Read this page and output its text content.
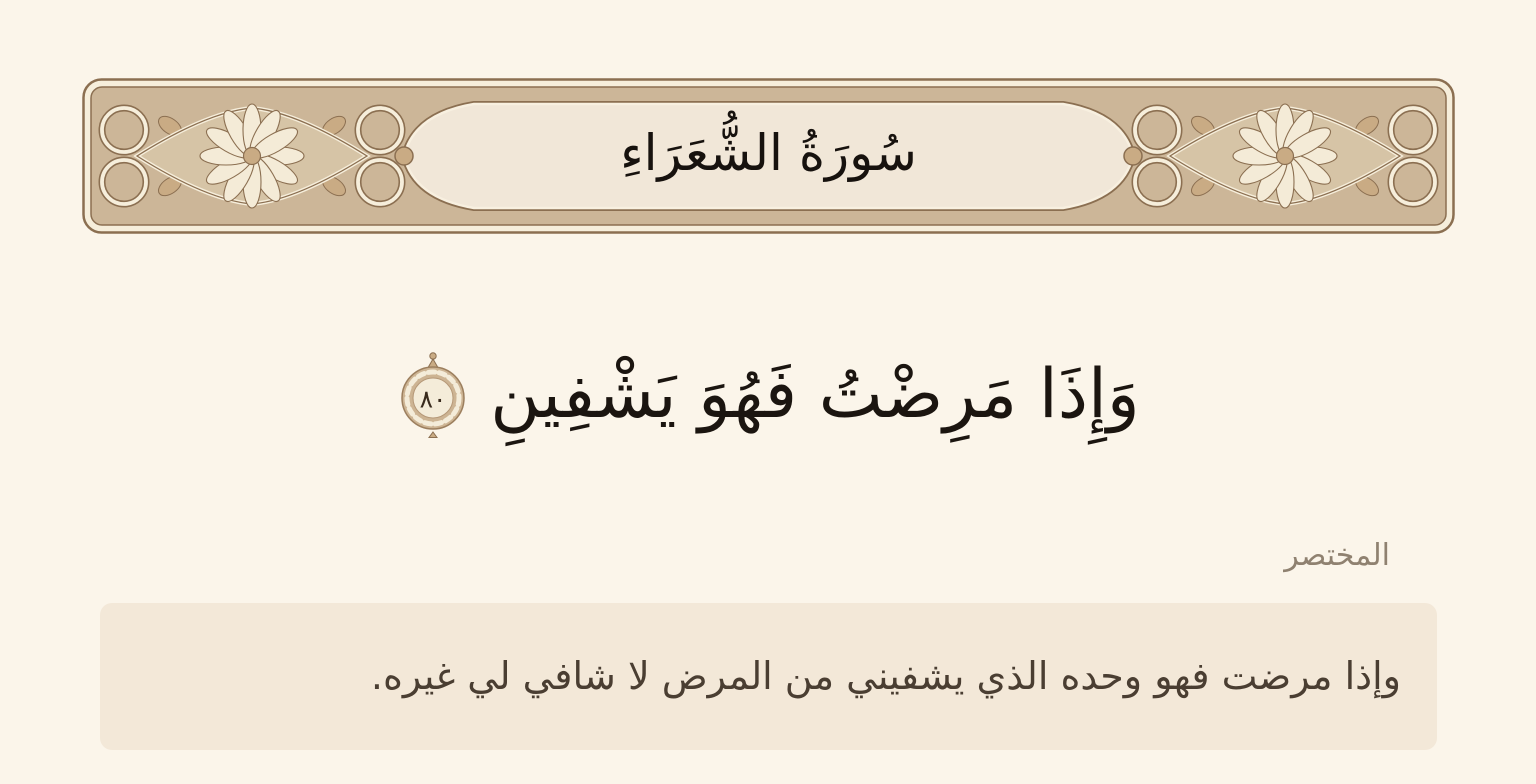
سُورَةُ الشُّعَرَاءِ
وَإِذَا مَرِضْتُ فَهُوَ يَشْفِينِ
٨٠
المختصر

وإذا مرضت فهو وحده الذي يشفيني من المرض لا شافي لي غيره.
